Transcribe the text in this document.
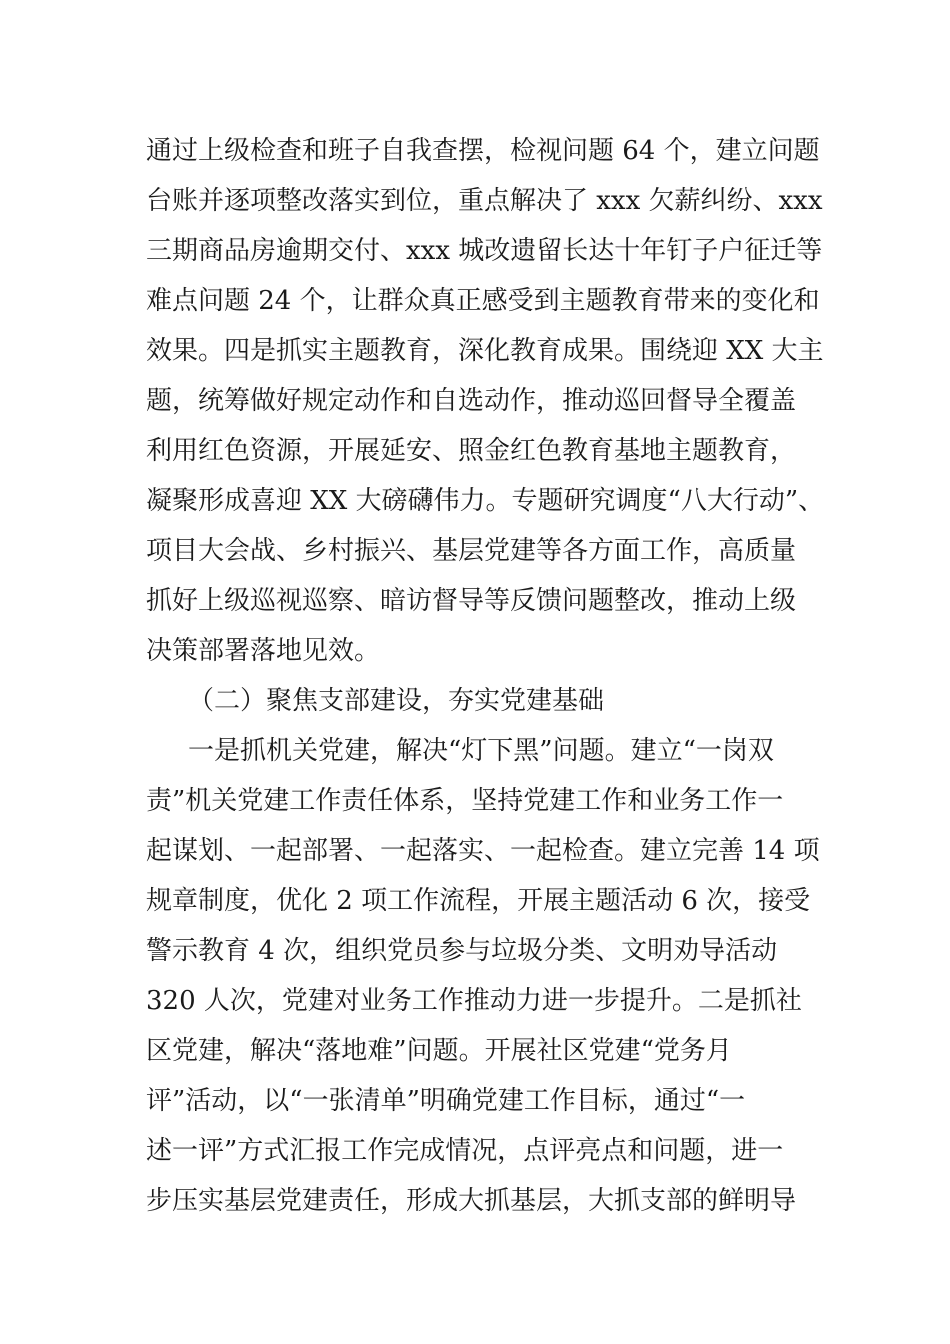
通过上级检查和班子自我查摆，检视问题 64 个，建立问题
台账并逐项整改落实到位，重点解决了 xxx 欠薪纠纷、xxx
三期商品房逾期交付、xxx 城改遗留长达十年钉子户征迁等
难点问题 24 个，让群众真正感受到主题教育带来的变化和
效果。四是抓实主题教育，深化教育成果。围绕迎 XX 大主
题，统筹做好规定动作和自选动作，推动巡回督导全覆盖
利用红色资源，开展延安、照金红色教育基地主题教育，
凝聚形成喜迎 XX 大磅礴伟力。专题研究调度“八大行动”、
项目大会战、乡村振兴、基层党建等各方面工作，高质量
抓好上级巡视巡察、暗访督导等反馈问题整改，推动上级
决策部署落地见效。
（二）聚焦支部建设，夯实党建基础
一是抓机关党建，解决“灯下黑”问题。建立“一岗双
责”机关党建工作责任体系，坚持党建工作和业务工作一
起谋划、一起部署、一起落实、一起检查。建立完善 14 项
规章制度，优化 2 项工作流程，开展主题活动 6 次，接受
警示教育 4 次，组织党员参与垃圾分类、文明劝导活动
320 人次，党建对业务工作推动力进一步提升。二是抓社
区党建，解决“落地难”问题。开展社区党建“党务月
评”活动，以“一张清单”明确党建工作目标，通过“一
述一评”方式汇报工作完成情况，点评亮点和问题，进一
步压实基层党建责任，形成大抓基层，大抓支部的鲜明导
